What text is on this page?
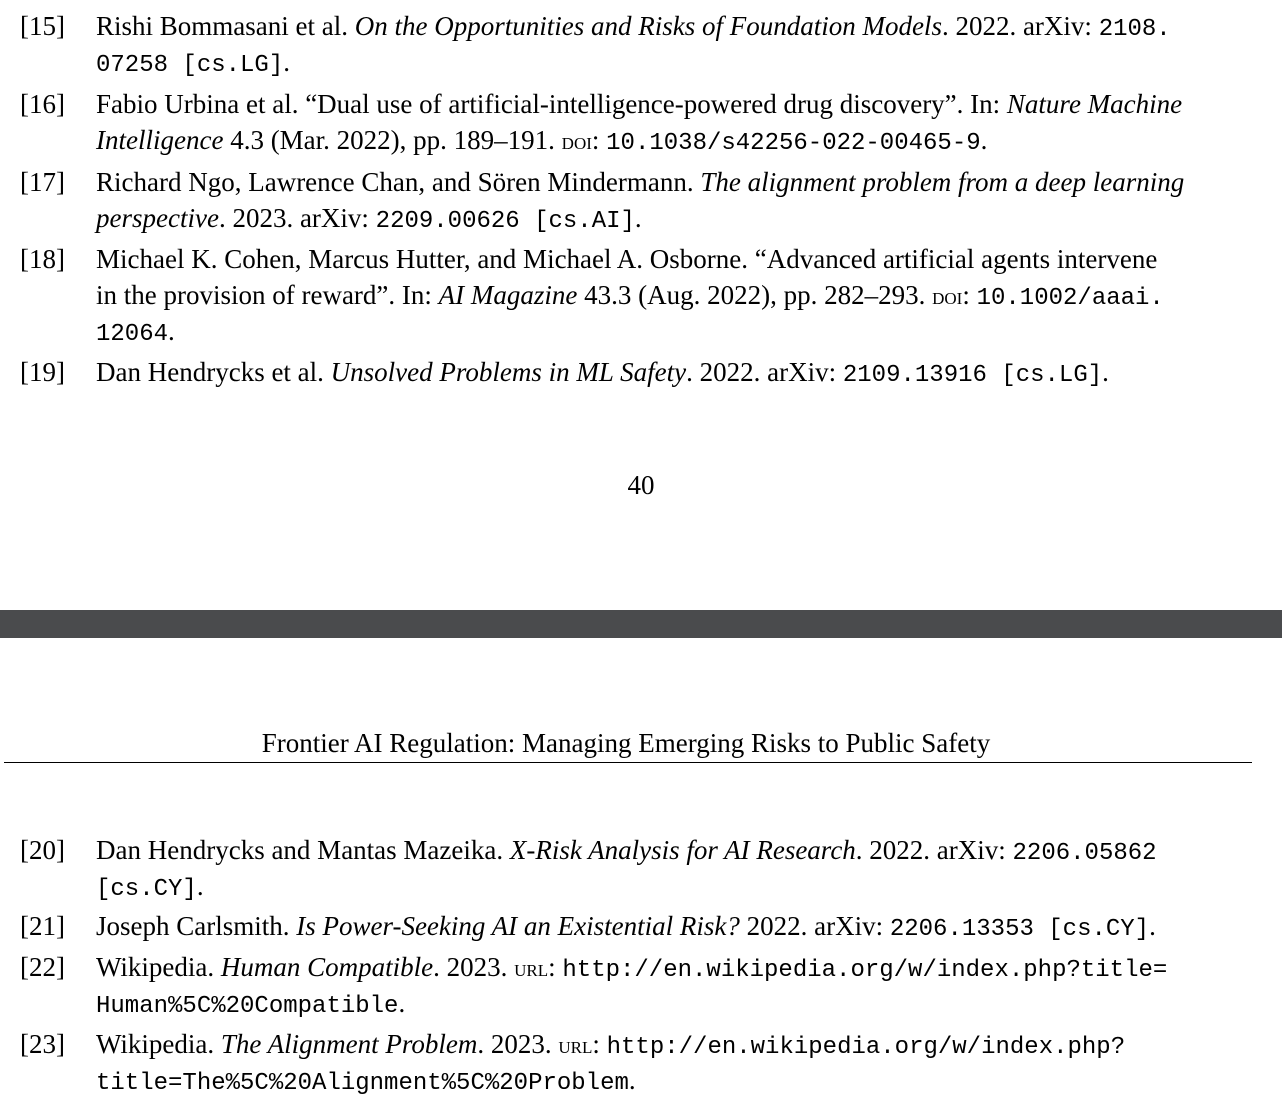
[15] Rishi Bommasani et al. On the Opportunities and Risks of Foundation Models. 2022. arXiv: 2108.
07258 [cs.LG].
[16] Fabio Urbina et al. “Dual use of artificial-intelligence-powered drug discovery”. In: Nature Machine
Intelligence 4.3 (Mar. 2022), pp. 189–191. doi: 10.1038/s42256-022-00465-9.
[17] Richard Ngo, Lawrence Chan, and Sören Mindermann. The alignment problem from a deep learning
perspective. 2023. arXiv: 2209.00626 [cs.AI].
[18] Michael K. Cohen, Marcus Hutter, and Michael A. Osborne. “Advanced artificial agents intervene
in the provision of reward”. In: AI Magazine 43.3 (Aug. 2022), pp. 282–293. doi: 10.1002/aaai.
12064.
[19] Dan Hendrycks et al. Unsolved Problems in ML Safety. 2022. arXiv: 2109.13916 [cs.LG].
40
Frontier AI Regulation: Managing Emerging Risks to Public Safety
[20] Dan Hendrycks and Mantas Mazeika. X-Risk Analysis for AI Research. 2022. arXiv: 2206.05862
[cs.CY].
[21] Joseph Carlsmith. Is Power-Seeking AI an Existential Risk? 2022. arXiv: 2206.13353 [cs.CY].
[22] Wikipedia. Human Compatible. 2023. url: http://en.wikipedia.org/w/index.php?title=
Human%5C%20Compatible.
[23] Wikipedia. The Alignment Problem. 2023. url: http://en.wikipedia.org/w/index.php?
title=The%5C%20Alignment%5C%20Problem.
